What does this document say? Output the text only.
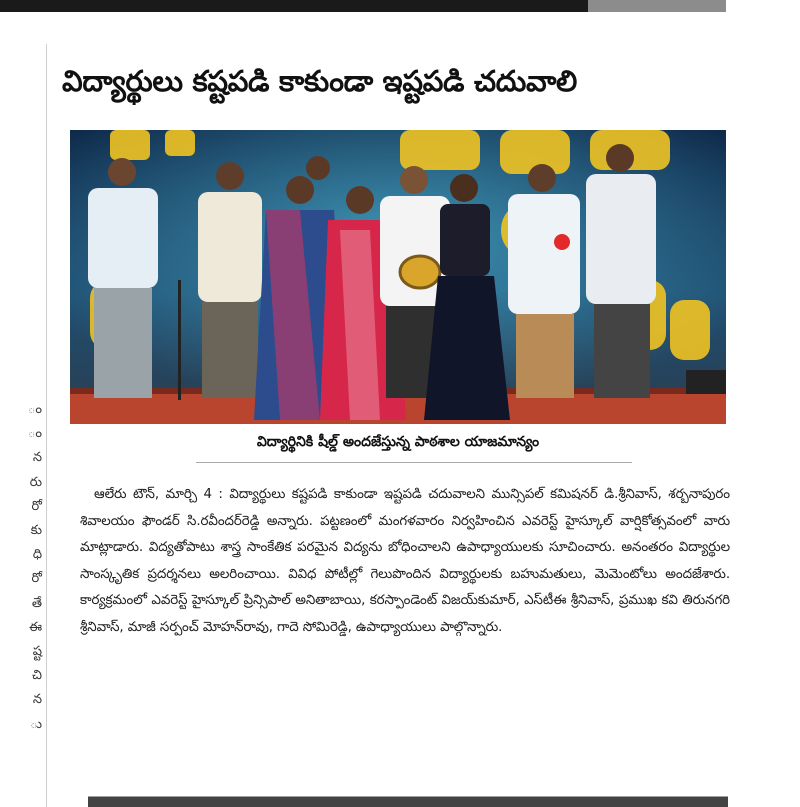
ం
ం
న
రు
రో
కు
ధి
రో
తే
ఈ
ష్ట
చి
న
ు
విద్యార్థులు కష్టపడి కాకుండా ఇష్టపడి చదువాలి
విద్యార్థినికి షీల్డ్ అందజేస్తున్న పాఠశాల యాజమాన్యం

ఆలేరు టౌన్, మార్చి 4 : విద్యార్థులు కష్టపడి కాకుండా ఇష్టపడి చదువాలని మున్సిపల్ కమిషనర్ డి.శ్రీనివాస్, శర్బనాపురం శివాలయం ఫౌండర్ సి.రవీందర్‌రెడ్డి అన్నారు. పట్టణంలో మంగళవారం నిర్వహించిన ఎవరెస్ట్ హైస్కూల్ వార్షికోత్సవంలో వారు మాట్లాడారు. విద్యతోపాటు శాస్త్ర సాంకేతిక పరమైన విద్యను బోధించాలని ఉపాధ్యాయులకు సూచించారు. అనంతరం విద్యార్థుల సాంస్కృతిక ప్రదర్శనలు అలరించాయి. వివిధ పోటీల్లో గెలుపొందిన విద్యార్థులకు బహుమతులు, మెమెంటోలు అందజేశారు. కార్యక్రమంలో ఎవరెస్ట్ హైస్కూల్ ప్రిన్సిపాల్ అనితాబాయి, కరస్పాండెంట్ విజయ్‌కుమార్, ఎస్‌టీఈ శ్రీనివాస్, ప్రముఖ కవి తిరునగరి శ్రీనివాస్, మాజీ సర్పంచ్ మోహన్‌రావు, గాదె సోమిరెడ్డి, ఉపాధ్యాయులు పాల్గొన్నారు.
